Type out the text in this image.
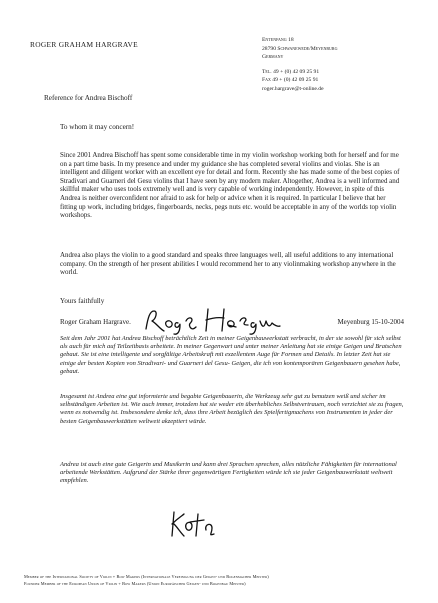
ROGER GRAHAM HARGRAVE	Entenfang 18
28790 Schwanewede/Meyenburg
Germany
Tel. 49 + (0) 42 09 25 91
Fax 49 + (0) 42 09 25 91
roger.hargrave@t-online.de
Reference for Andrea Bischoff
To whom it may concern!

Since 2001 Andrea Bischoff has spent some considerable time in my violin workshop working both for herself and for me on a part time basis. In my presence and under my guidance she has completed several violins and violas. She is an intelligent and diligent worker with an excellent eye for detail and form. Recently she has made some of the best copies of Stradivari and Guarneri del Gesu violins that I have seen by any modern maker. Altogether, Andrea is a well informed and skillful maker who uses tools extremely well and is very capable of working independently. However, in spite of this Andrea is neither overconfident nor afraid to ask for help or advice when it is required. In particular I believe that her fitting up work, including bridges, fingerboards, necks, pegs nuts etc. would be acceptable in any of the worlds top violin workshops.

Andrea also plays the violin to a good standard and speaks three languages well, all useful additions to any international company. On the strength of her present abilities I would recommend her to any violinmaking workshop anywhere in the world.

Yours faithfully
Roger Graham Hargrave.	Meyenburg 15-10-2004

Seit dem Jahr 2001 hat Andrea Bischoff beträchtlich Zeit in meiner Geigenbauwerkstatt verbracht, in der sie sowohl für sich selbst als auch für mich auf Teilzeitbasis arbeitete. In meiner Gegenwart und unter meiner Anleitung hat sie einige Geigen und Bratschen gebaut. Sie ist eine intelligente und sorgfältige Arbeitskraft mit exzellentem Auge für Formen und Details. In letzter Zeit hat sie einige der besten Kopien von Stradivari- und Guarneri del Gesu- Geigen, die ich von kontemporären Geigenbauern gesehen habe, gebaut.

Insgesamt ist Andrea eine gut informierte und begabte Geigenbauerin, die Werkzeug sehr gut zu benutzen weiß und sicher im selbständigen Arbeiten ist. Wie auch immer, trotzdem hat sie weder ein überhebliches Selbstvertrauen, noch verzichtet sie zu fragen, wenn es notwendig ist. Insbesondere denke ich, dass ihre Arbeit bezüglich des Spielfertigmachens von Instrumenten in jeder der besten Geigenbauwerkstätten weltweit akzeptiert würde.

Andrea ist auch eine gute Geigerin und Musikerin und kann drei Sprachen sprechen, alles nützliche Fähigkeiten für international arbeitende Werkstätten. Aufgrund der Stärke ihrer gegenwärtigen Fertigkeiten würde ich sie jeder Geigenbauwerkstatt weltweit empfehlen.

Member of the International Society of Violin + Bow Makers (Internationale Vereinigung der Geigen- und Bogenmacher Meister)
Founder Member of the European Union of Violin + Bow Makers (Union Europäischer Geigen- und Bogenbau Meister)
